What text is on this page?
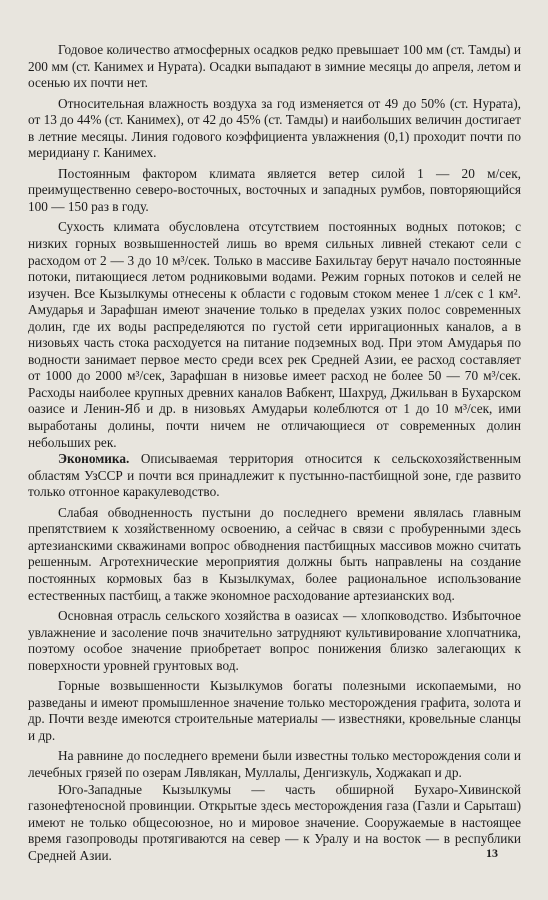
Годовое количество атмосферных осадков редко превышает 100 мм (ст. Тамды) и 200 мм (ст. Канимех и Нурата). Осадки выпадают в зимние месяцы до апреля, летом и осенью их почти нет.

Относительная влажность воздуха за год изменяется от 49 до 50% (ст. Нурата), от 13 до 44% (ст. Канимех), от 42 до 45% (ст. Тамды) и наибольших величин достигает в летние месяцы. Линия годового коэффициента увлажнения (0,1) проходит почти по меридиану г. Канимех.

Постоянным фактором климата является ветер силой 1 — 20 м/сек, преимущественно северо-восточных, восточных и западных румбов, повторяющийся 100 — 150 раз в году.

Сухость климата обусловлена отсутствием постоянных водных потоков; с низких горных возвышенностей лишь во время сильных ливней стекают сели с расходом от 2 — 3 до 10 м³/сек. Только в массиве Бахильтау берут начало постоянные потоки, питающиеся летом родниковыми водами. Режим горных потоков и селей не изучен. Все Кызылкумы отнесены к области с годовым стоком менее 1 л/сек с 1 км². Амударья и Зарафшан имеют значение только в пределах узких полос современных долин, где их воды распределяются по густой сети ирригационных каналов, а в низовьях часть стока расходуется на питание подземных вод. При этом Амударья по водности занимает первое место среди всех рек Средней Азии, ее расход составляет от 1000 до 2000 м³/сек, Зарафшан в низовье имеет расход не более 50 — 70 м³/сек. Расходы наиболее крупных древних каналов Вабкент, Шахруд, Джильван в Бухарском оазисе и Ленин-Яб и др. в низовьях Амударьи колеблются от 1 до 10 м³/сек, ими выработаны долины, почти ничем не отличающиеся от современных долин небольших рек.

Экономика. Описываемая территория относится к сельскохозяйственным областям УзССР и почти вся принадлежит к пустынно-пастбищной зоне, где развито только отгонное каракулеводство.

Слабая обводненность пустыни до последнего времени являлась главным препятствием к хозяйственному освоению, а сейчас в связи с пробуренными здесь артезианскими скважинами вопрос обводнения пастбищных массивов можно считать решенным. Агротехнические мероприятия должны быть направлены на создание постоянных кормовых баз в Кызылкумах, более рациональное использование естественных пастбищ, а также экономное расходование артезианских вод.

Основная отрасль сельского хозяйства в оазисах — хлопководство. Избыточное увлажнение и засоление почв значительно затрудняют культивирование хлопчатника, поэтому особое значение приобретает вопрос понижения близко залегающих к поверхности уровней грунтовых вод.

Горные возвышенности Кызылкумов богаты полезными ископаемыми, но разведаны и имеют промышленное значение только месторождения графита, золота и др. Почти везде имеются строительные материалы — известняки, кровельные сланцы и др.

На равнине до последнего времени были известны только месторождения соли и лечебных грязей по озерам Лявлякан, Муллалы, Денгизкуль, Ходжакап и др.

Юго-Западные Кызылкумы — часть обширной Бухаро-Хивинской газонефтеносной провинции. Открытые здесь месторождения газа (Газли и Сарыташ) имеют не только общесоюзное, но и мировое значение. Сооружаемые в настоящее время газопроводы протягиваются на север — к Уралу и на восток — в республики Средней Азии.	13
